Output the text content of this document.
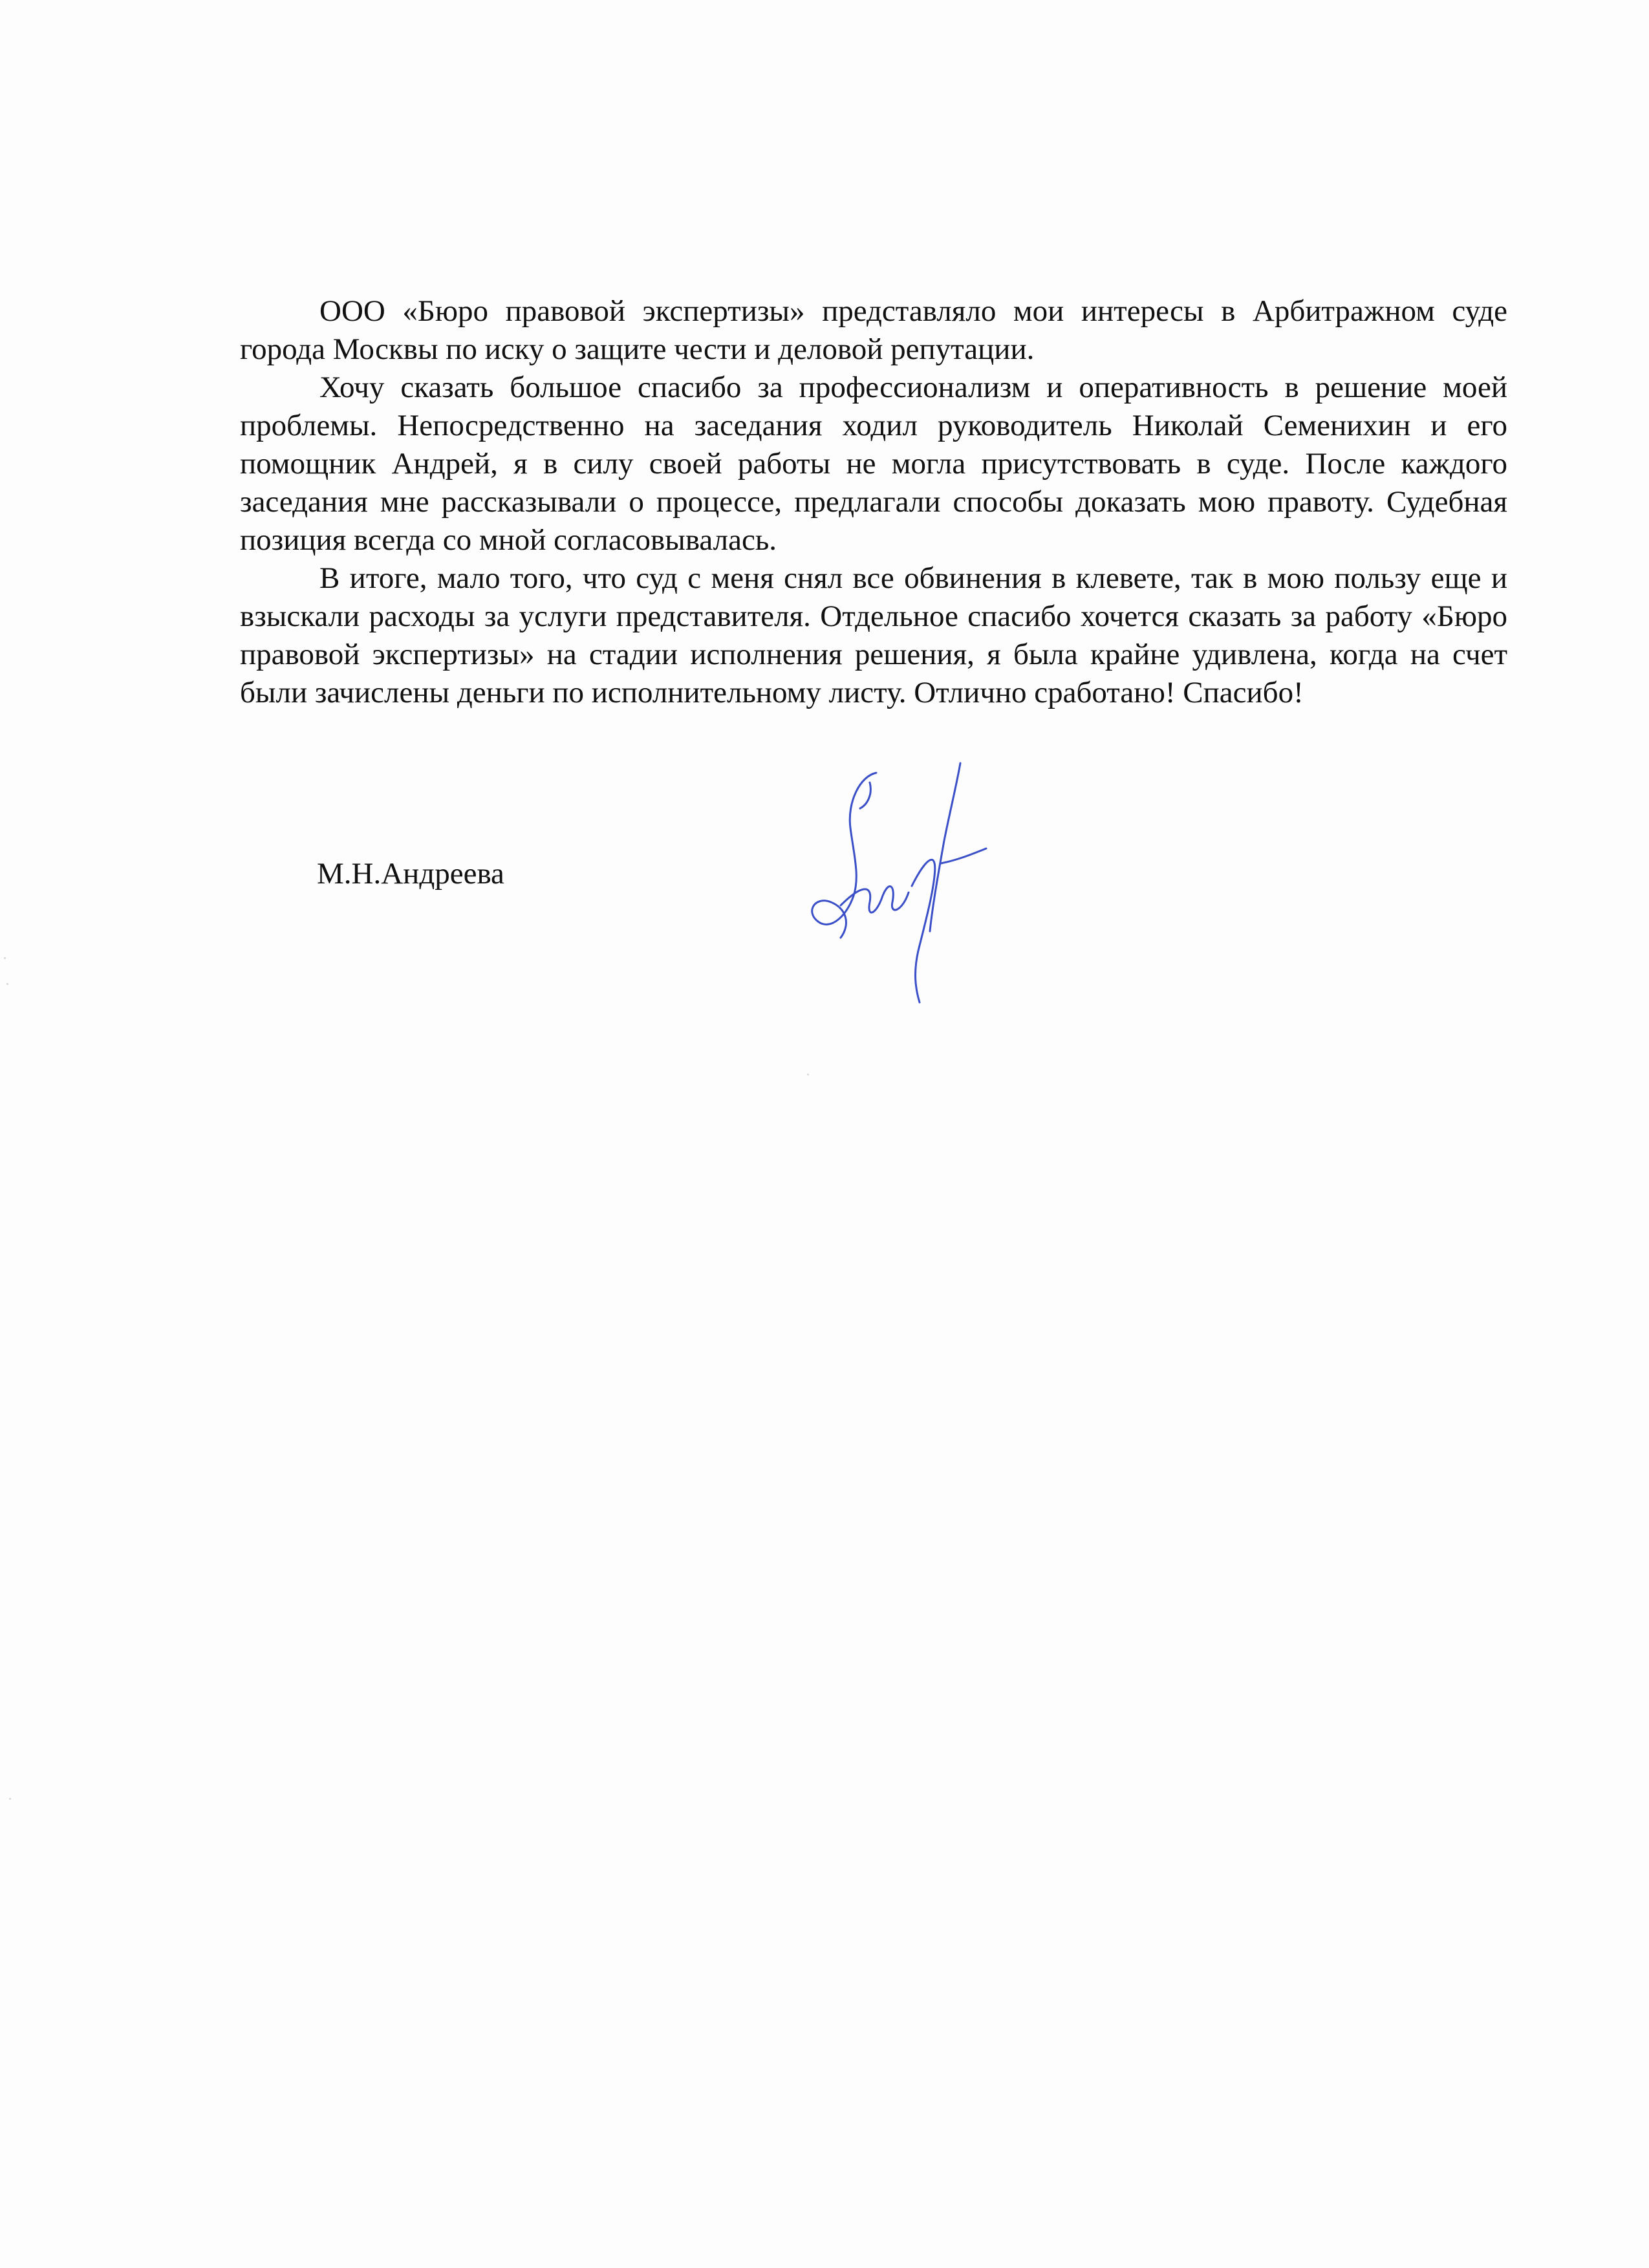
ООО «Бюро правовой экспертизы» представляло мои интересы в Арбитражном суде города Москвы по иску о защите чести и деловой репутации.

Хочу сказать большое спасибо за профессионализм и оперативность в решение моей проблемы. Непосредственно на заседания ходил руководитель Николай Семенихин и его помощник Андрей, я в силу своей работы не могла присутствовать в суде. После каждого заседания мне рассказывали о процессе, предлагали способы доказать мою правоту. Судебная позиция всегда со мной согласовывалась.

В итоге, мало того, что суд с меня снял все обвинения в клевете, так в мою пользу еще и взыскали расходы за услуги представителя. Отдельное спасибо хочется сказать за работу «Бюро правовой экспертизы» на стадии исполнения решения, я была крайне удивлена, когда на счет были зачислены деньги по исполнительному листу. Отлично сработано! Спасибо!

М.Н.Андреева
